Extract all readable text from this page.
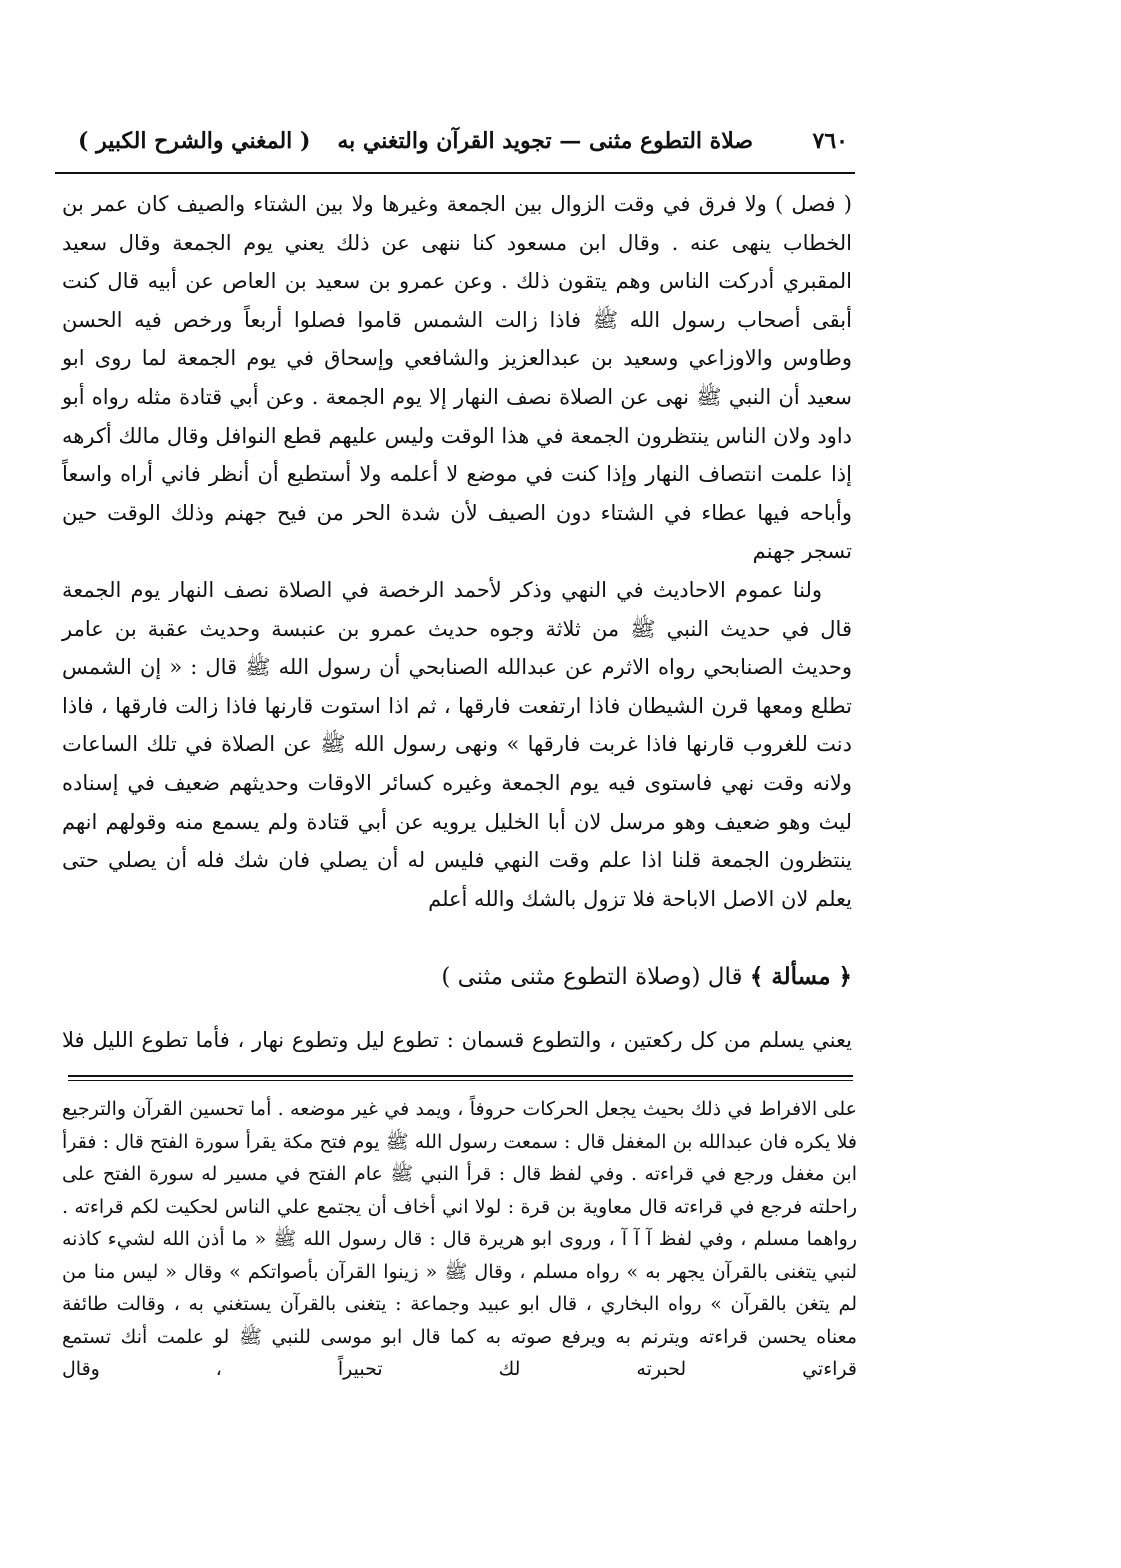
٧٦٠
صلاة التطوع مثنى — تجويد القرآن والتغني به
( المغني والشرح الكبير )

( فصل ) ولا فرق في وقت الزوال بين الجمعة وغيرها ولا بين الشتاء والصيف كان عمر بن الخطاب ينهى عنه . وقال ابن مسعود كنا ننهى عن ذلك يعني يوم الجمعة وقال سعيد المقبري أدركت الناس وهم يتقون ذلك . وعن عمرو بن سعيد بن العاص عن أبيه قال كنت أبقى أصحاب رسول الله ﷺ فاذا زالت الشمس قاموا فصلوا أربعاً ورخص فيه الحسن وطاوس والاوزاعي وسعيد بن عبدالعزيز والشافعي وإسحاق في يوم الجمعة لما روى ابو سعيد أن النبي ﷺ نهى عن الصلاة نصف النهار إلا يوم الجمعة . وعن أبي قتادة مثله رواه أبو داود ولان الناس ينتظرون الجمعة في هذا الوقت وليس عليهم قطع النوافل وقال مالك أكرهه إذا علمت انتصاف النهار وإذا كنت في موضع لا أعلمه ولا أستطيع أن أنظر فاني أراه واسعاً وأباحه فيها عطاء في الشتاء دون الصيف لأن شدة الحر من فيح جهنم وذلك الوقت حين تسجر جهنم

ولنا عموم الاحاديث في النهي وذكر لأحمد الرخصة في الصلاة نصف النهار يوم الجمعة قال في حديث النبي ﷺ من ثلاثة وجوه حديث عمرو بن عنبسة وحديث عقبة بن عامر وحديث الصنابحي رواه الاثرم عن عبدالله الصنابحي أن رسول الله ﷺ قال : « إن الشمس تطلع ومعها قرن الشيطان فاذا ارتفعت فارقها ، ثم اذا استوت قارنها فاذا زالت فارقها ، فاذا دنت للغروب قارنها فاذا غربت فارقها » ونهى رسول الله ﷺ عن الصلاة في تلك الساعات ولانه وقت نهي فاستوى فيه يوم الجمعة وغيره كسائر الاوقات وحديثهم ضعيف في إسناده ليث وهو ضعيف وهو مرسل لان أبا الخليل يرويه عن أبي قتادة ولم يسمع منه وقولهم انهم ينتظرون الجمعة قلنا اذا علم وقت النهي فليس له أن يصلي فان شك فله أن يصلي حتى يعلم لان الاصل الاباحة فلا تزول بالشك والله أعلم

﴿ مسألة ﴾ قال (وصلاة التطوع مثنى مثنى )
يعني يسلم من كل ركعتين ، والتطوع قسمان : تطوع ليل وتطوع نهار ، فأما تطوع الليل فلا

على الافراط في ذلك بحيث يجعل الحركات حروفاً ، ويمد في غير موضعه . أما تحسين القرآن والترجيع فلا يكره فان عبدالله بن المغفل قال : سمعت رسول الله ﷺ يوم فتح مكة يقرأ سورة الفتح قال : فقرأ ابن مغفل ورجع في قراءته . وفي لفظ قال : قرأ النبي ﷺ عام الفتح في مسير له سورة الفتح على راحلته فرجع في قراءته قال معاوية بن قرة : لولا اني أخاف أن يجتمع علي الناس لحكيت لكم قراءته . رواهما مسلم ، وفي لفظ آ آ آ ، وروى ابو هريرة قال : قال رسول الله ﷺ « ما أذن الله لشيء كاذنه لنبي يتغنى بالقرآن يجهر به » رواه مسلم ، وقال ﷺ « زينوا القرآن بأصواتكم » وقال « ليس منا من لم يتغن بالقرآن » رواه البخاري ، قال ابو عبيد وجماعة : يتغنى بالقرآن يستغني به ، وقالت طائفة معناه يحسن قراءته ويترنم به ويرفع صوته به كما قال ابو موسى للنبي ﷺ لو علمت أنك تستمع قراءتي لحبرته لك تحبيراً ، وقال
